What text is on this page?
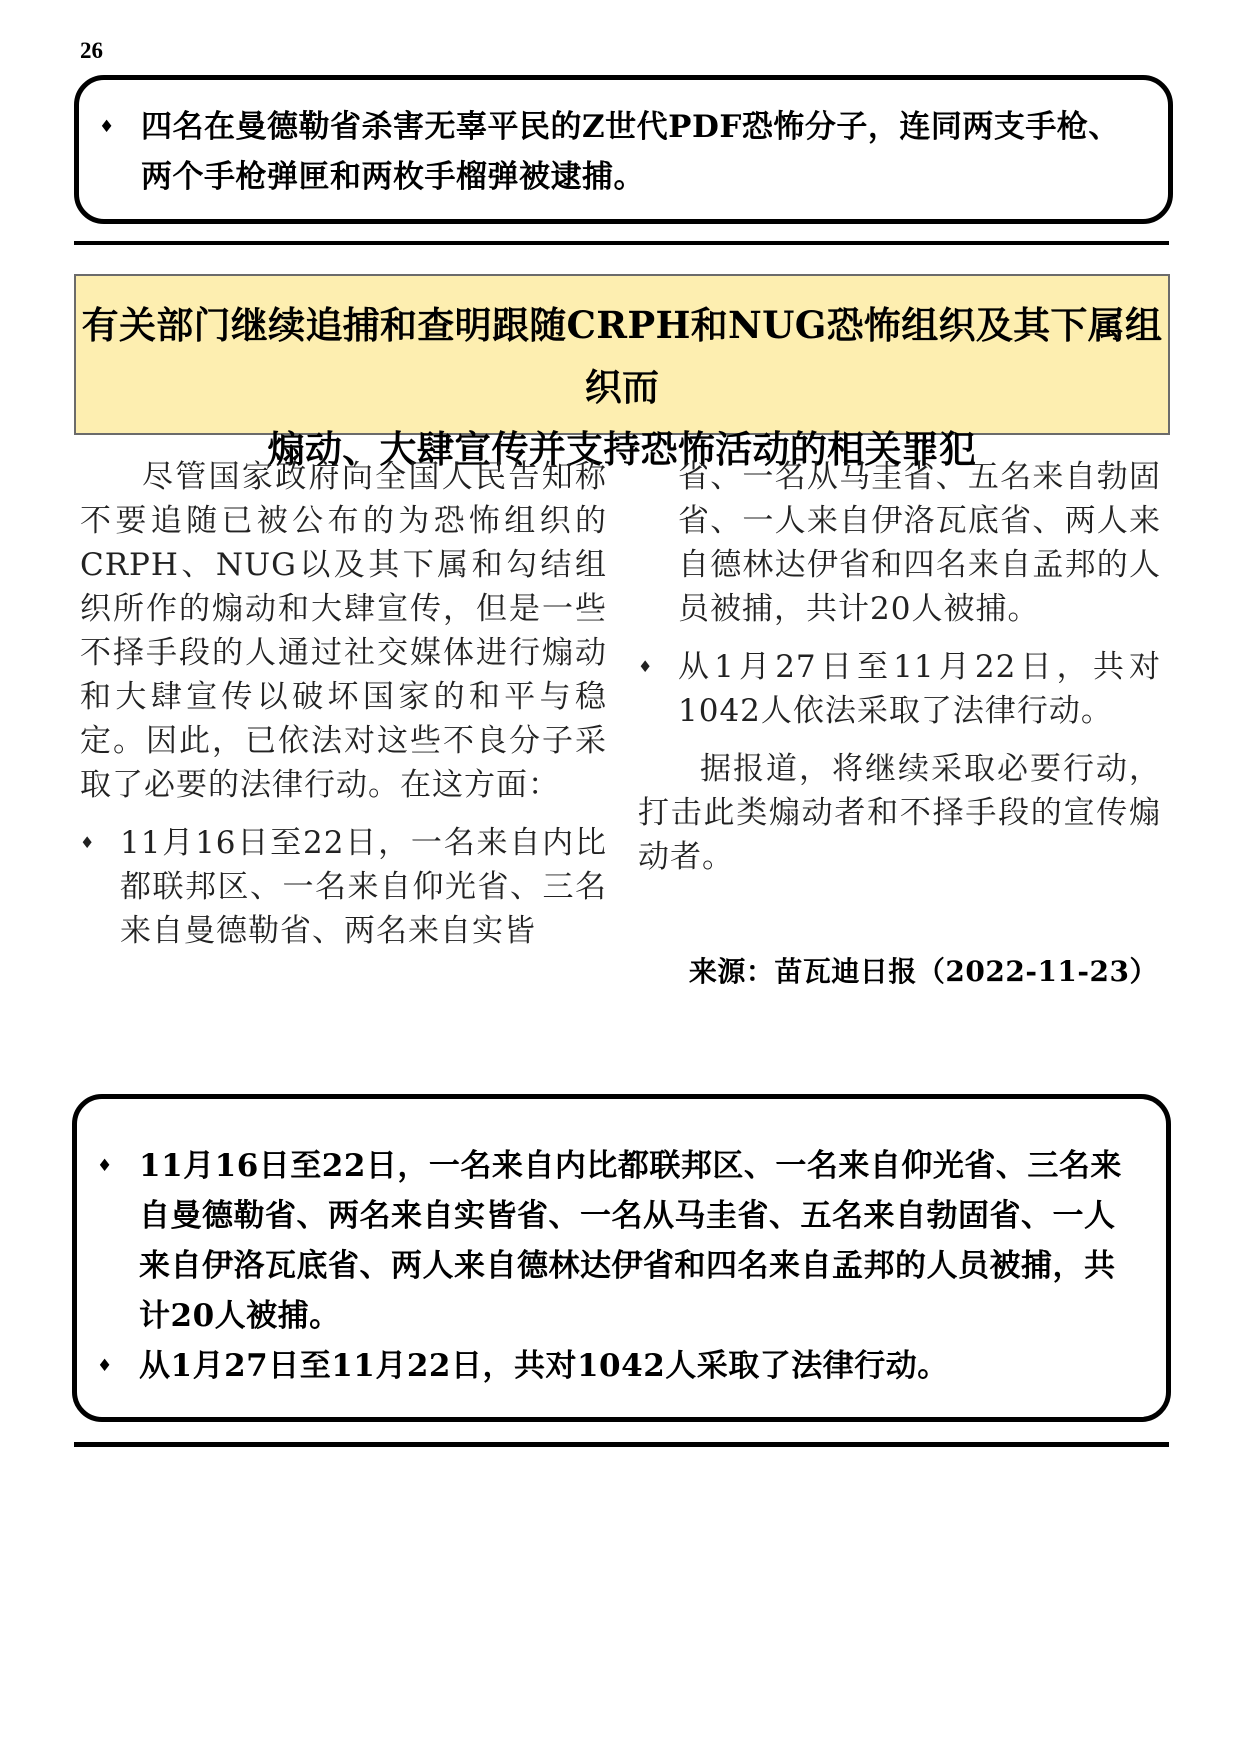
26
♦ 四名在曼德勒省杀害无辜平民的Z世代PDF恐怖分子，连同两支手枪、两个手枪弹匣和两枚手榴弹被逮捕。
有关部门继续追捕和查明跟随CRPH和NUG恐怖组织及其下属组织而
煽动、大肆宣传并支持恐怖活动的相关罪犯

尽管国家政府向全国人民告知称不要追随已被公布的为恐怖组织的CRPH、NUG以及其下属和勾结组织所作的煽动和大肆宣传，但是一些不择手段的人通过社交媒体进行煽动和大肆宣传以破坏国家的和平与稳定。因此，已依法对这些不良分子采取了必要的法律行动。在这方面：

♦ 11月16日至22日，一名来自内比都联邦区、一名来自仰光省、三名来自曼德勒省、两名来自实皆

省、一名从马圭省、五名来自勃固省、一人来自伊洛瓦底省、两人来自德林达伊省和四名来自孟邦的人员被捕，共计20人被捕。

♦ 从1月27日至11月22日，共对1042人依法采取了法律行动。

据报道，将继续采取必要行动，打击此类煽动者和不择手段的宣传煽动者。

来源：苗瓦迪日报（2022-11-23）
♦ 11月16日至22日，一名来自内比都联邦区、一名来自仰光省、三名来自曼德勒省、两名来自实皆省、一名从马圭省、五名来自勃固省、一人来自伊洛瓦底省、两人来自德林达伊省和四名来自孟邦的人员被捕，共计20人被捕。
♦ 从1月27日至11月22日，共对1042人采取了法律行动。
